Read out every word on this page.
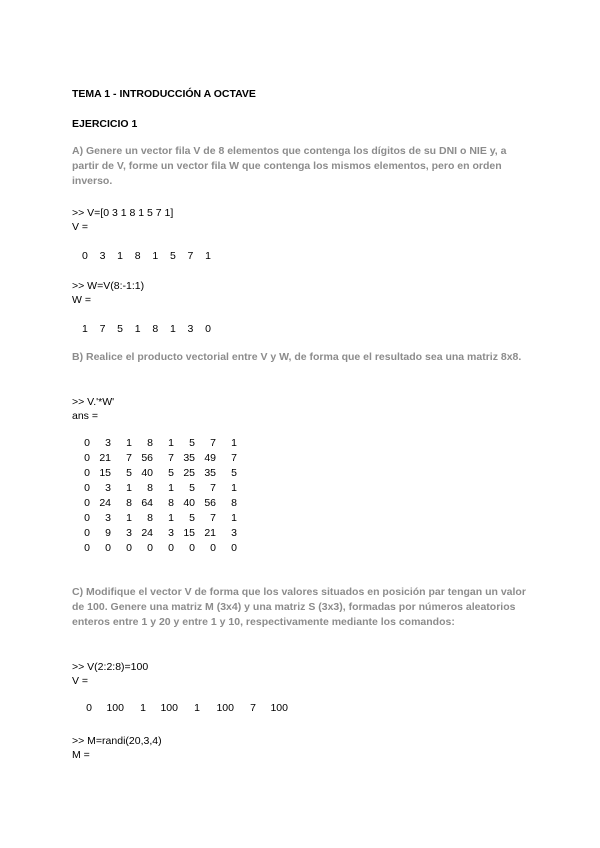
TEMA 1 - INTRODUCCIÓN A OCTAVE
EJERCICIO 1
A) Genere un vector fila V de 8 elementos que contenga los dígitos de su DNI o NIE y, a partir de V, forme un vector fila W que contenga los mismos elementos, pero en orden inverso.
>> V=[0 3 1 8 1 5 7 1]
V =
0   3   1   8   1   5   7   1
>> W=V(8:-1:1)
W =
1   7   5   1   8   1   3   0
B) Realice el producto vectorial entre V y W, de forma que el resultado sea una matriz 8x8.
>> V.'*W'
ans =
0	3	1	8	1	5	7	1
0	21	7	56	7	35	49	7
0	15	5	40	5	25	35	5
0	3	1	8	1	5	7	1
0	24	8	64	8	40	56	8
0	3	1	8	1	5	7	1
0	9	3	24	3	15	21	3
0	0	0	0	0	0	0	0
C) Modifique el vector V de forma que los valores situados en posición par tengan un valor de 100. Genere una matriz M (3x4) y una matriz S (3x3), formadas por números aleatorios enteros entre 1 y 20 y entre 1 y 10, respectivamente mediante los comandos:
>> V(2:2:8)=100
V =
0	100	1	100	1	100	7	100
>> M=randi(20,3,4)
M =
